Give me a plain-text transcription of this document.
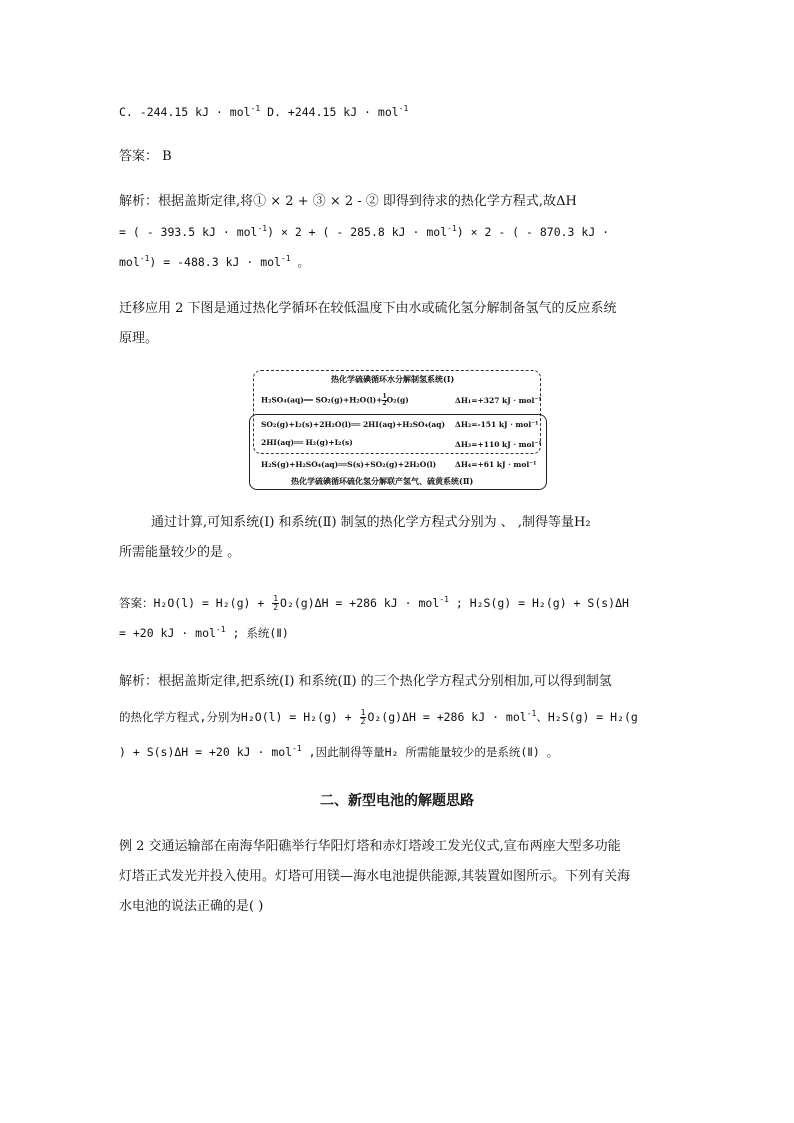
C. -244.15 kJ · mol$^{-1}$ D. +244.15 kJ · mol$^{-1}$
答案： B
解析：根据盖斯定律,将① × 2 + ③ × 2 - ② 即得到待求的热化学方程式,故ΔH
= ( - 393.5 kJ · mol$^{-1}$) × 2 + ( - 285.8 kJ · mol$^{-1}$) × 2 - ( - 870.3 kJ ·
mol$^{-1}$) = -488.3 kJ · mol$^{-1}$ 。
迁移应用 2 下图是通过热化学循环在较低温度下由水或硫化氢分解制备氢气的反应系统
原理。
热化学硫碘循环水分解制氢系统(Ⅰ)
H₂SO₄(aq)══ $SO_2(g)+H_2O(l)+ \frac{1}{2} O_2(g)$	ΔH₁=+327 kJ · mol⁻¹
SO₂(g)+I₂(s)+2H₂O(l)══ 2HI(aq)+H₂SO₄(aq) ΔH₂=-151 kJ · mol⁻¹
2HI(aq)══ H₂(g)+I₂(s)	ΔH₃=+110 kJ · mol⁻¹
H₂S(g)+H₂SO₄(aq)══S(s)+SO₂(g)+2H₂O(l)	ΔH₄=+61 kJ · mol⁻¹
热化学硫碘循环硫化氢分解联产氢气、硫黄系统(Ⅱ)
通过计算,可知系统(Ⅰ) 和系统(Ⅱ) 制氢的热化学方程式分别为 、 ,制得等量H₂
所需能量较少的是 。
答案：$H_2O(l) = H_2(g) + \frac{1}{2} O_2(g)\Delta H = +286$ kJ · mol$^{-1}$ ; H₂S(g) = H₂(g) + S(s)ΔH
= +20 kJ · mol$^{-1}$ ; 系统(Ⅱ)
解析：根据盖斯定律,把系统(Ⅰ) 和系统(Ⅱ) 的三个热化学方程式分别相加,可以得到制氢
的热化学方程式,分别为$H_2O(l) = H_2(g) + \frac{1}{2} O_2(g)\Delta H = +286$ kJ · mol$^{-1}$、H₂S(g) = H₂(g
) + S(s)ΔH = +20 kJ · mol$^{-1}$ ,因此制得等量H₂ 所需能量较少的是系统(Ⅱ) 。
二、新型电池的解题思路
例 2 交通运输部在南海华阳礁举行华阳灯塔和赤灯塔竣工发光仪式,宣布两座大型多功能
灯塔正式发光并投入使用。灯塔可用镁—海水电池提供能源,其装置如图所示。下列有关海
水电池的说法正确的是( )
